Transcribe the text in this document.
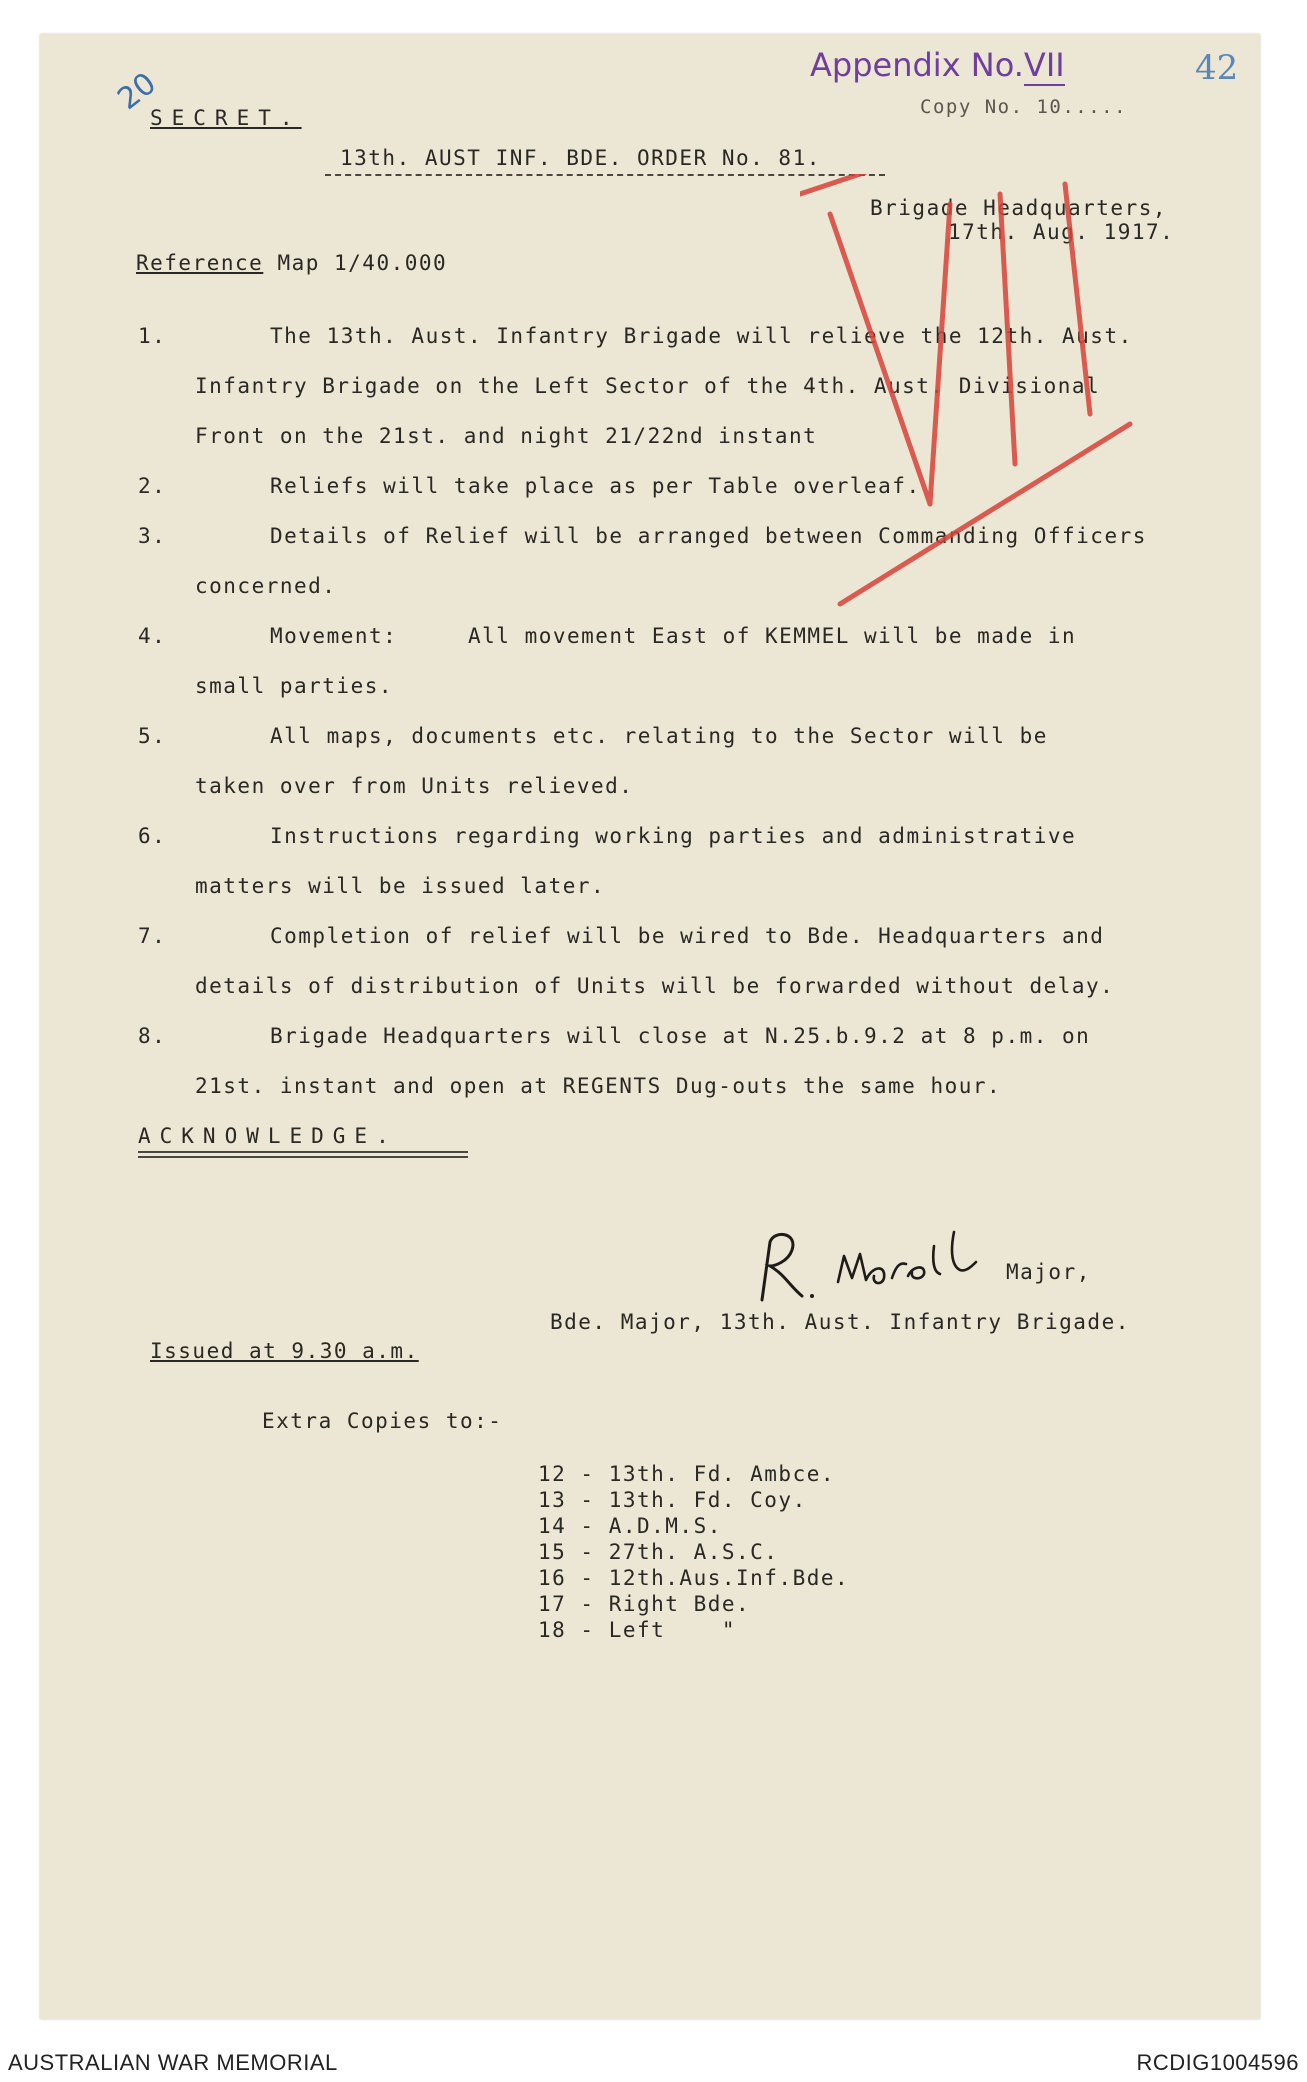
20
Appendix No.VII	42
Copy No. 10.....
SECRET.
13th. AUST INF. BDE. ORDER No. 81.
Brigade Headquarters,
17th. Aug. 1917.
Reference Map 1/40.000
1.	The 13th. Aust. Infantry Brigade will relieve the 12th. Aust.
Infantry Brigade on the Left Sector of the 4th. Aust. Divisional
Front on the 21st. and night 21/22nd instant
2.	Reliefs will take place as per Table overleaf.
3.	Details of Relief will be arranged between Commanding Officers
concerned.
4.	Movement:     All movement East of KEMMEL will be made in
small parties.
5.	All maps, documents etc. relating to the Sector will be
taken over from Units relieved.
6.	Instructions regarding working parties and administrative
matters will be issued later.
7.	Completion of relief will be wired to Bde. Headquarters and
details of distribution of Units will be forwarded without delay.
8.	Brigade Headquarters will close at N.25.b.9.2 at 8 p.m. on
21st. instant and open at REGENTS Dug-outs the same hour.
ACKNOWLEDGE.
Major,
Bde. Major, 13th. Aust. Infantry Brigade.
Issued at 9.30 a.m.
Extra Copies to:-
12 - 13th. Fd. Ambce.
13 - 13th. Fd. Coy.
14 - A.D.M.S.
15 - 27th. A.S.C.
16 - 12th.Aus.Inf.Bde.
17 - Right Bde.
18 - Left    "
AUSTRALIAN WAR MEMORIAL	RCDIG1004596
